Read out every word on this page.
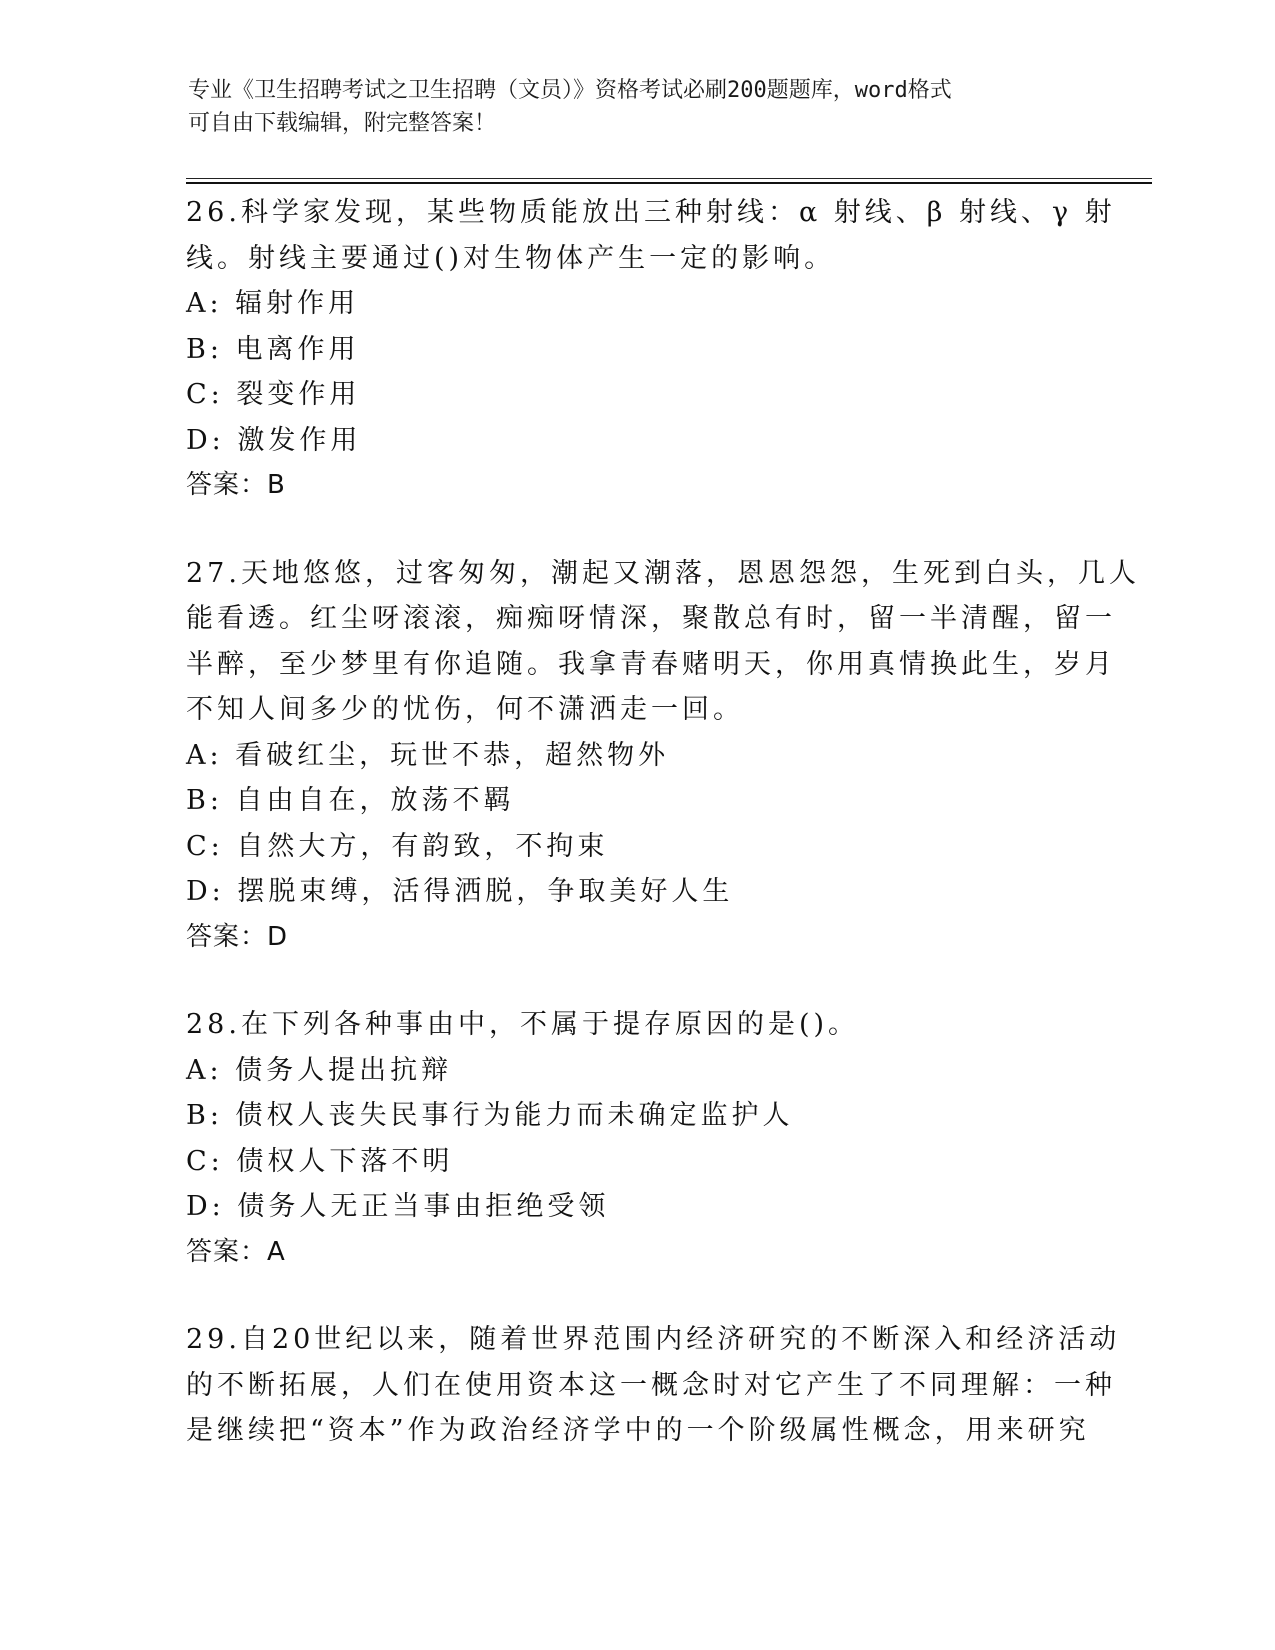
专业《卫生招聘考试之卫生招聘（文员）》资格考试必刷200题题库，word格式

可自由下载编辑，附完整答案！

26.科学家发现，某些物质能放出三种射线：α 射线、β 射线、γ 射

线。射线主要通过()对生物体产生一定的影响。

A: 辐射作用

B: 电离作用

C: 裂变作用

D: 激发作用

答案：B

27.天地悠悠，过客匆匆，潮起又潮落，恩恩怨怨，生死到白头，几人

能看透。红尘呀滚滚，痴痴呀情深，聚散总有时，留一半清醒，留一

半醉，至少梦里有你追随。我拿青春赌明天，你用真情换此生，岁月

不知人间多少的忧伤，何不潇洒走一回。

A: 看破红尘，玩世不恭，超然物外

B: 自由自在，放荡不羁

C: 自然大方，有韵致，不拘束

D: 摆脱束缚，活得洒脱，争取美好人生

答案：D

28.在下列各种事由中，不属于提存原因的是()。

A: 债务人提出抗辩

B: 债权人丧失民事行为能力而未确定监护人

C: 债权人下落不明

D: 债务人无正当事由拒绝受领

答案：A

29.自20世纪以来，随着世界范围内经济研究的不断深入和经济活动

的不断拓展，人们在使用资本这一概念时对它产生了不同理解：一种

是继续把“资本”作为政治经济学中的一个阶级属性概念，用来研究
